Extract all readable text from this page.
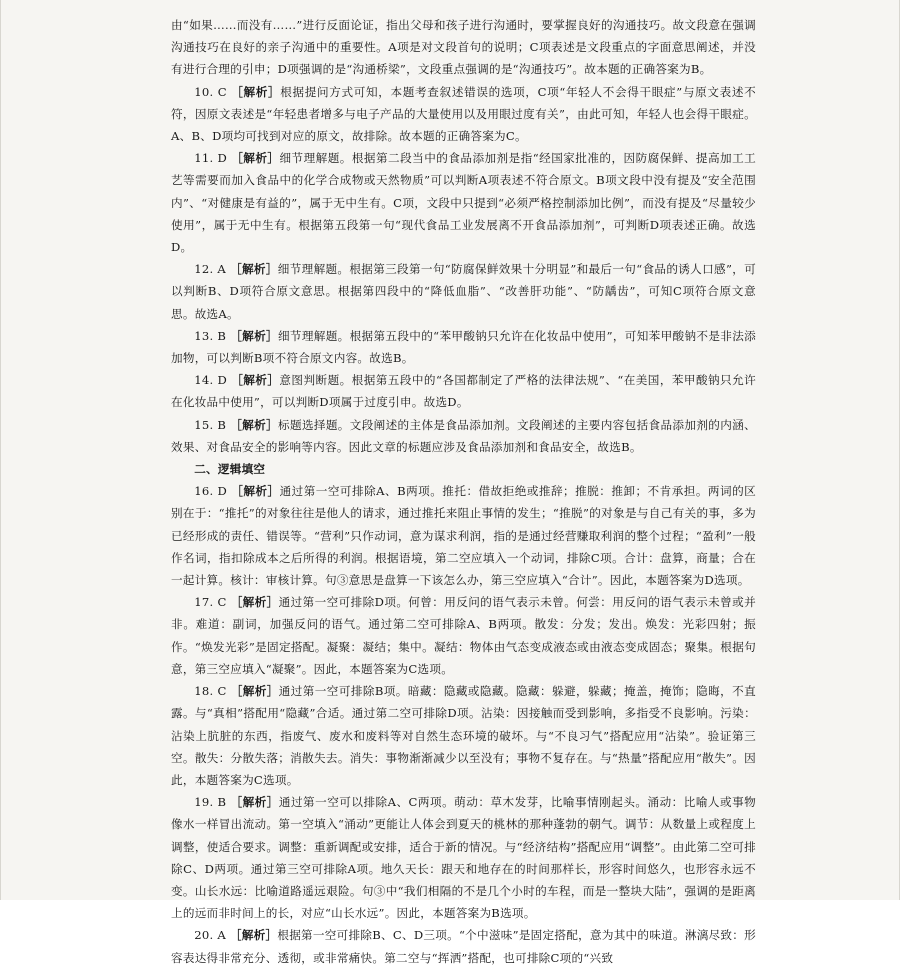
由“如果……而没有……”进行反面论证，指出父母和孩子进行沟通时，要掌握良好的沟通技巧。故文段意在强调沟通技巧在良好的亲子沟通中的重要性。A项是对文段首句的说明；C项表述是文段重点的字面意思阐述，并没有进行合理的引申；D项强调的是“沟通桥梁”，文段重点强调的是“沟通技巧”。故本题的正确答案为B。

10. C ［解析］根据提问方式可知，本题考查叙述错误的选项，C项“年轻人不会得干眼症”与原文表述不符，因原文表述是“年轻患者增多与电子产品的大量使用以及用眼过度有关”，由此可知，年轻人也会得干眼症。A、B、D项均可找到对应的原文，故排除。故本题的正确答案为C。

11. D ［解析］细节理解题。根据第二段当中的食品添加剂是指“经国家批准的，因防腐保鲜、提高加工工艺等需要而加入食品中的化学合成物或天然物质”可以判断A项表述不符合原文。B项文段中没有提及“安全范围内”、“对健康是有益的”，属于无中生有。C项，文段中只提到“必须严格控制添加比例”，而没有提及“尽量较少使用”，属于无中生有。根据第五段第一句“现代食品工业发展离不开食品添加剂”，可判断D项表述正确。故选D。

12. A ［解析］细节理解题。根据第三段第一句“防腐保鲜效果十分明显”和最后一句“食品的诱人口感”，可以判断B、D项符合原文意思。根据第四段中的“降低血脂”、“改善肝功能”、“防龋齿”，可知C项符合原文意思。故选A。

13. B ［解析］细节理解题。根据第五段中的“苯甲酸钠只允许在化妆品中使用”，可知苯甲酸钠不是非法添加物，可以判断B项不符合原文内容。故选B。

14. D ［解析］意图判断题。根据第五段中的“各国都制定了严格的法律法规”、“在美国，苯甲酸钠只允许在化妆品中使用”，可以判断D项属于过度引申。故选D。

15. B ［解析］标题选择题。文段阐述的主体是食品添加剂。文段阐述的主要内容包括食品添加剂的内涵、效果、对食品安全的影响等内容。因此文章的标题应涉及食品添加剂和食品安全，故选B。

二、逻辑填空

16. D ［解析］通过第一空可排除A、B两项。推托：借故拒绝或推辞；推脱：推卸；不肯承担。两词的区别在于：“推托”的对象往往是他人的请求，通过推托来阻止事情的发生；“推脱”的对象是与自己有关的事，多为已经形成的责任、错误等。“营利”只作动词，意为谋求利润，指的是通过经营赚取利润的整个过程；“盈利”一般作名词，指扣除成本之后所得的利润。根据语境，第二空应填入一个动词，排除C项。合计：盘算，商量；合在一起计算。核计：审核计算。句③意思是盘算一下该怎么办，第三空应填入“合计”。因此，本题答案为D选项。

17. C ［解析］通过第一空可排除D项。何曾：用反问的语气表示未曾。何尝：用反问的语气表示未曾或并非。难道：副词，加强反问的语气。通过第二空可排除A、B两项。散发：分发；发出。焕发：光彩四射；振作。“焕发光彩”是固定搭配。凝聚：凝结；集中。凝结：物体由气态变成液态或由液态变成固态；聚集。根据句意，第三空应填入“凝聚”。因此，本题答案为C选项。

18. C ［解析］通过第一空可排除B项。暗藏：隐藏或隐藏。隐藏：躲避，躲藏；掩盖，掩饰；隐晦，不直露。与“真相”搭配用“隐藏”合适。通过第二空可排除D项。沾染：因接触而受到影响，多指受不良影响。污染：沾染上肮脏的东西，指废气、废水和废料等对自然生态环境的破坏。与“不良习气”搭配应用“沾染”。验证第三空。散失：分散失落；消散失去。消失：事物渐渐减少以至没有；事物不复存在。与“热量”搭配应用“散失”。因此，本题答案为C选项。

19. B ［解析］通过第一空可以排除A、C两项。萌动：草木发芽，比喻事情刚起头。涌动：比喻人或事物像水一样冒出流动。第一空填入“涌动”更能让人体会到夏天的桃林的那种蓬勃的朝气。调节：从数量上或程度上调整，使适合要求。调整：重新调配或安排，适合于新的情况。与“经济结构”搭配应用“调整”。由此第二空可排除C、D两项。通过第三空可排除A项。地久天长：跟天和地存在的时间那样长，形容时间悠久，也形容永远不变。山长水远：比喻道路遥远艰险。句③中“我们相隔的不是几个小时的车程，而是一整块大陆”，强调的是距离上的远而非时间上的长，对应“山长水远”。因此，本题答案为B选项。

20. A ［解析］根据第一空可排除B、C、D三项。“个中滋味”是固定搭配，意为其中的味道。淋漓尽致：形容表达得非常充分、透彻，或非常痛快。第二空与“挥洒”搭配，也可排除C项的“兴致
